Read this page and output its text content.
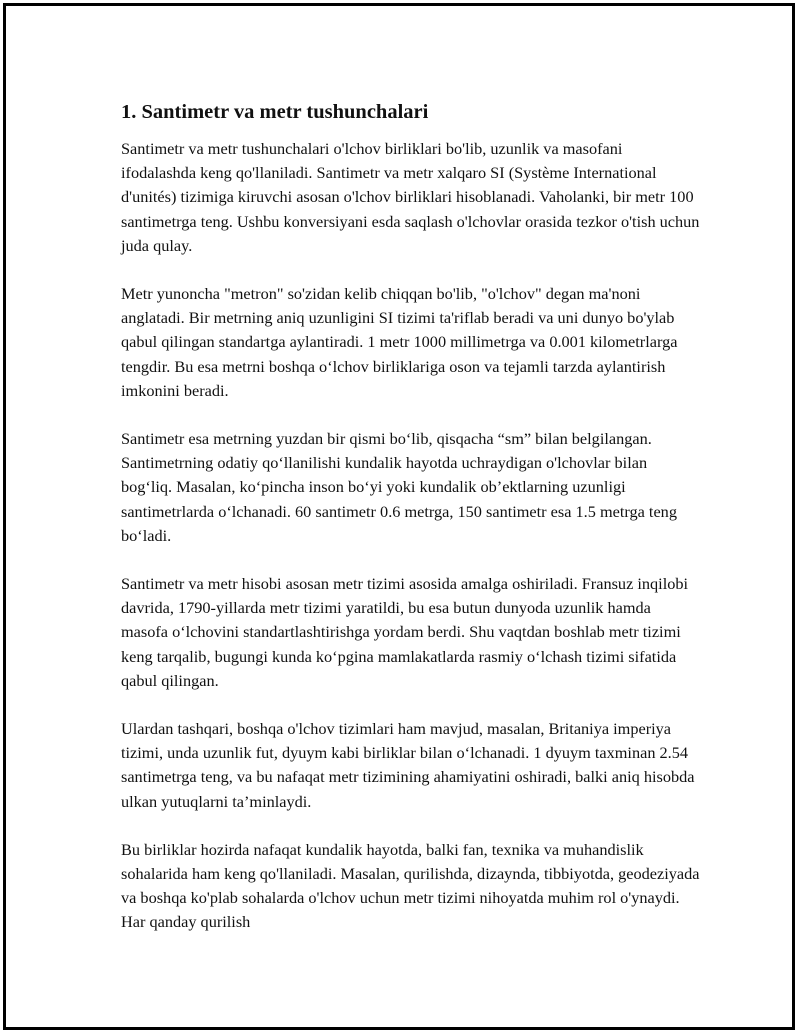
1. Santimetr va metr tushunchalari

Santimetr va metr tushunchalari o'lchov birliklari bo'lib, uzunlik va masofani ifodalashda keng qo'llaniladi. Santimetr va metr xalqaro SI (Système International d'unités) tizimiga kiruvchi asosan o'lchov birliklari hisoblanadi. Vaholanki, bir metr 100 santimetrga teng. Ushbu konversiyani esda saqlash o'lchovlar orasida tezkor o'tish uchun juda qulay.

Metr yunoncha "metron" so'zidan kelib chiqqan bo'lib, "o'lchov" degan ma'noni anglatadi. Bir metrning aniq uzunligini SI tizimi ta'riflab beradi va uni dunyo bo'ylab qabul qilingan standartga aylantiradi. 1 metr 1000 millimetrga va 0.001 kilometrlarga tengdir. Bu esa metrni boshqa o‘lchov birliklariga oson va tejamli tarzda aylantirish imkonini beradi.

Santimetr esa metrning yuzdan bir qismi bo‘lib, qisqacha “sm” bilan belgilangan. Santimetrning odatiy qo‘llanilishi kundalik hayotda uchraydigan o'lchovlar bilan bog‘liq. Masalan, ko‘pincha inson bo‘yi yoki kundalik ob’ektlarning uzunligi santimetrlarda o‘lchanadi. 60 santimetr 0.6 metrga, 150 santimetr esa 1.5 metrga teng bo‘ladi.

Santimetr va metr hisobi asosan metr tizimi asosida amalga oshiriladi. Fransuz inqilobi davrida, 1790-yillarda metr tizimi yaratildi, bu esa butun dunyoda uzunlik hamda masofa o‘lchovini standartlashtirishga yordam berdi. Shu vaqtdan boshlab metr tizimi keng tarqalib, bugungi kunda ko‘pgina mamlakatlarda rasmiy o‘lchash tizimi sifatida qabul qilingan.

Ulardan tashqari, boshqa o'lchov tizimlari ham mavjud, masalan, Britaniya imperiya tizimi, unda uzunlik fut, dyuym kabi birliklar bilan o‘lchanadi. 1 dyuym taxminan 2.54 santimetrga teng, va bu nafaqat metr tizimining ahamiyatini oshiradi, balki aniq hisobda ulkan yutuqlarni ta’minlaydi.

Bu birliklar hozirda nafaqat kundalik hayotda, balki fan, texnika va muhandislik sohalarida ham keng qo'llaniladi. Masalan, qurilishda, dizaynda, tibbiyotda, geodeziyada va boshqa ko'plab sohalarda o'lchov uchun metr tizimi nihoyatda muhim rol o'ynaydi. Har qanday qurilish
